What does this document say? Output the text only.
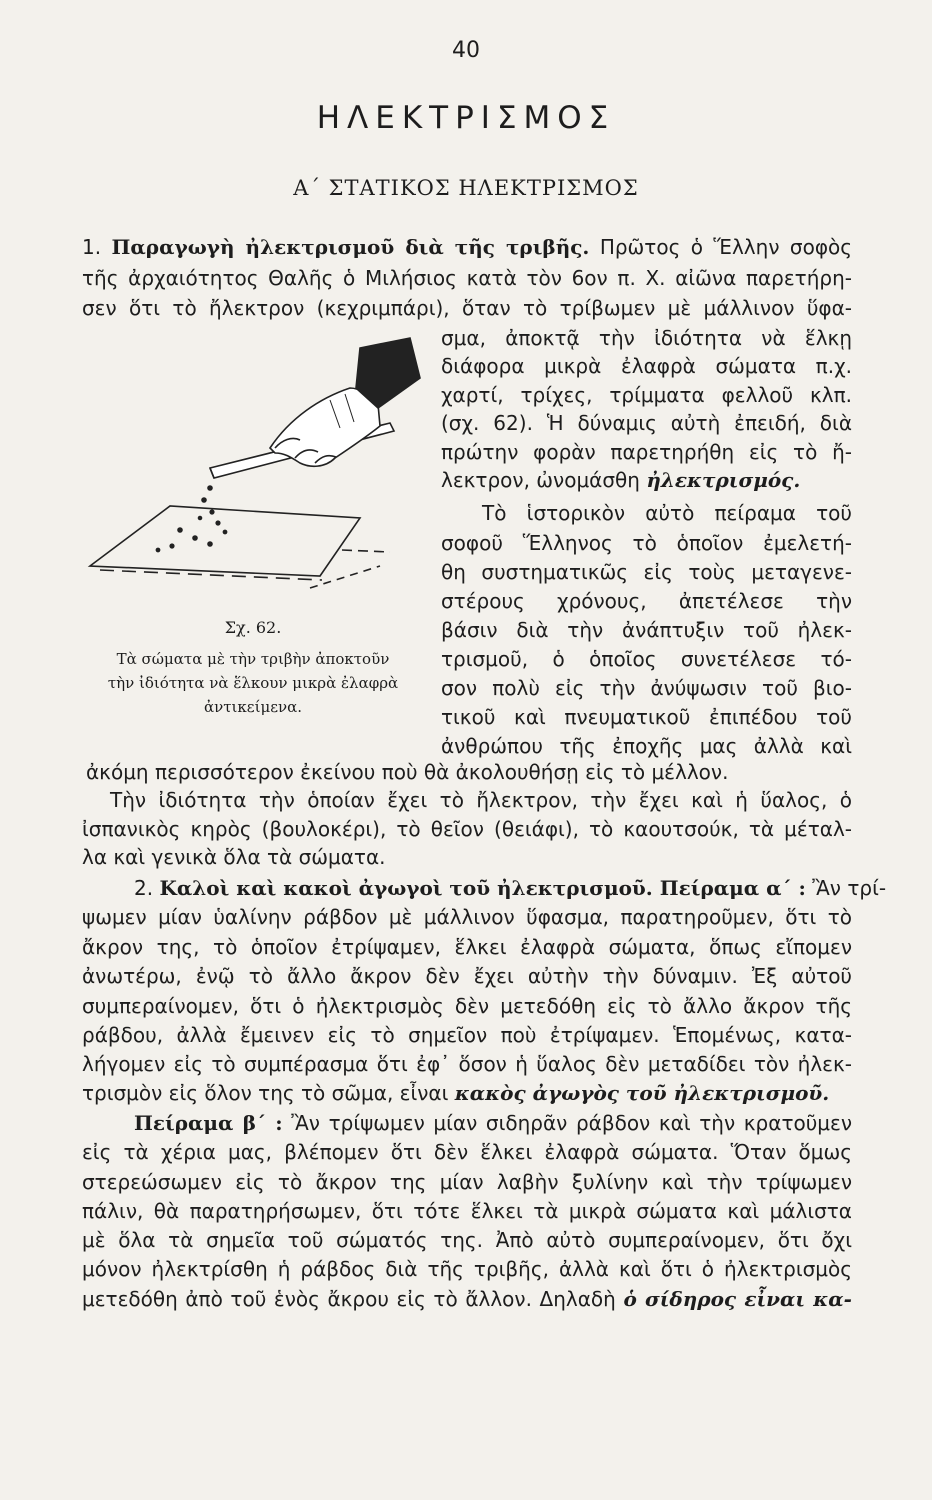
40
ΗΛΕΚΤΡΙΣΜΟΣ
Α΄ ΣΤΑΤΙΚΟΣ ΗΛΕΚΤΡΙΣΜΟΣ
1. Παραγωγὴ ἠλεκτρισμοῦ διὰ τῆς τριβῆς. Πρῶτος ὁ Ἕλλην σοφὸς
τῆς ἀρχαιότητος Θαλῆς ὁ Μιλήσιος κατὰ τὸν 6ον π. Χ. αἰῶνα παρετήρη-
σεν ὅτι τὸ ἤλεκτρον (κεχριμπάρι), ὅταν τὸ τρίβωμεν μὲ μάλλινον ὕφα-
σμα, ἀποκτᾷ τὴν ἰδιότητα νὰ ἕλκῃ
διάφορα μικρὰ ἐλαφρὰ σώματα π.χ.
χαρτί, τρίχες, τρίμματα φελλοῦ κλπ.
(σχ. 62). Ἡ δύναμις αὐτὴ ἐπειδή, διὰ
πρώτην φορὰν παρετηρήθη εἰς τὸ ἤ-
λεκτρον, ὠνομάσθη ἠλεκτρισμός.
Τὸ ἱστορικὸν αὐτὸ πείραμα τοῦ
σοφοῦ Ἕλληνος τὸ ὁποῖον ἐμελετή-
θη συστηματικῶς εἰς τοὺς μεταγενε-
στέρους χρόνους, ἀπετέλεσε τὴν
βάσιν διὰ τὴν ἀνάπτυξιν τοῦ ἠλεκ-
τρισμοῦ, ὁ ὁποῖος συνετέλεσε τό-
σον πολὺ εἰς τὴν ἀνύψωσιν τοῦ βιο-
τικοῦ καὶ πνευματικοῦ ἐπιπέδου τοῦ
ἀνθρώπου τῆς ἐποχῆς μας ἀλλὰ καὶ
ἀκόμη περισσότερον ἐκείνου ποὺ θὰ ἀκολουθήσῃ εἰς τὸ μέλλον.
Τὴν ἰδιότητα τὴν ὁποίαν ἔχει τὸ ἤλεκτρον, τὴν ἔχει καὶ ἡ ὕαλος, ὁ
ἰσπανικὸς κηρὸς (βουλοκέρι), τὸ θεῖον (θειάφι), τὸ καουτσούκ, τὰ μέταλ-
λα καὶ γενικὰ ὅλα τὰ σώματα.
2. Καλοὶ καὶ κακοὶ ἀγωγοὶ τοῦ ἠλεκτρισμοῦ. Πείραμα α΄ : Ἂν τρί-
ψωμεν μίαν ὑαλίνην ράβδον μὲ μάλλινον ὕφασμα, παρατηροῦμεν, ὅτι τὸ
ἄκρον της, τὸ ὁποῖον ἐτρίψαμεν, ἕλκει ἐλαφρὰ σώματα, ὅπως εἴπομεν
ἀνωτέρω, ἐνῷ τὸ ἄλλο ἄκρον δὲν ἔχει αὐτὴν τὴν δύναμιν. Ἐξ αὐτοῦ
συμπεραίνομεν, ὅτι ὁ ἠλεκτρισμὸς δὲν μετεδόθη εἰς τὸ ἄλλο ἄκρον τῆς
ράβδου, ἀλλὰ ἔμεινεν εἰς τὸ σημεῖον ποὺ ἐτρίψαμεν. Ἑπομένως, κατα-
λήγομεν εἰς τὸ συμπέρασμα ὅτι ἐφ᾽ ὅσον ἡ ὕαλος δὲν μεταδίδει τὸν ἠλεκ-
τρισμὸν εἰς ὅλον της τὸ σῶμα, εἶναι κακὸς ἀγωγὸς τοῦ ἠλεκτρισμοῦ.
Πείραμα β΄ : Ἂν τρίψωμεν μίαν σιδηρᾶν ράβδον καὶ τὴν κρατοῦμεν
εἰς τὰ χέρια μας, βλέπομεν ὅτι δὲν ἕλκει ἐλαφρὰ σώματα. Ὅταν ὅμως
στερεώσωμεν εἰς τὸ ἄκρον της μίαν λαβὴν ξυλίνην καὶ τὴν τρίψωμεν
πάλιν, θὰ παρατηρήσωμεν, ὅτι τότε ἕλκει τὰ μικρὰ σώματα καὶ μάλιστα
μὲ ὅλα τὰ σημεῖα τοῦ σώματός της. Ἀπὸ αὐτὸ συμπεραίνομεν, ὅτι ὄχι
μόνον ἠλεκτρίσθη ἡ ράβδος διὰ τῆς τριβῆς, ἀλλὰ καὶ ὅτι ὁ ἠλεκτρισμὸς
μετεδόθη ἀπὸ τοῦ ἑνὸς ἄκρου εἰς τὸ ἄλλον. Δηλαδὴ ὁ σίδηρος εἶναι κα-
Σχ. 62.
Τὰ σώματα μὲ τὴν τριβὴν ἀποκτοῦν
τὴν ἰδιότητα νὰ ἕλκουν μικρὰ ἐλαφρὰ
ἀντικείμενα.
